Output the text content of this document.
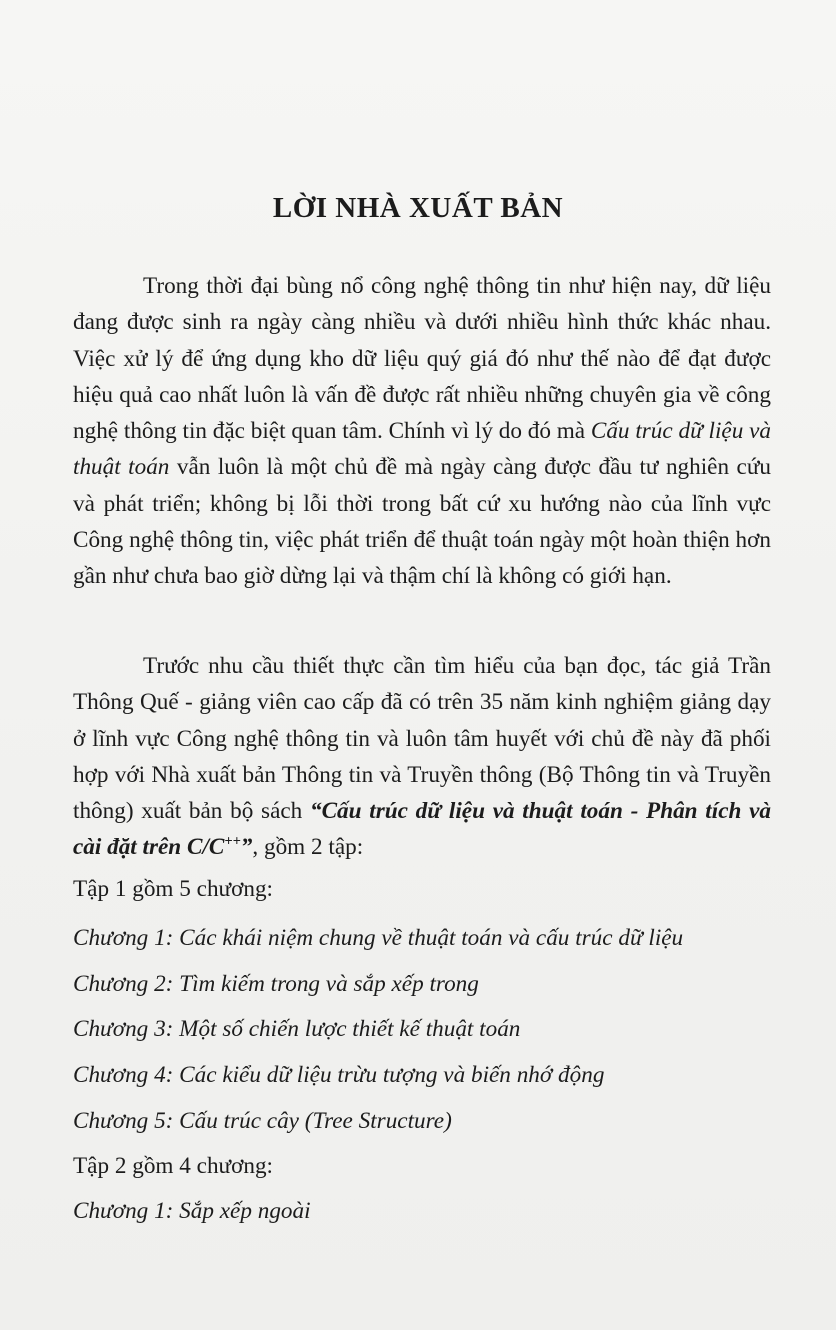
LỜI NHÀ XUẤT BẢN

Trong thời đại bùng nổ công nghệ thông tin như hiện nay, dữ liệu đang được sinh ra ngày càng nhiều và dưới nhiều hình thức khác nhau. Việc xử lý để ứng dụng kho dữ liệu quý giá đó như thế nào để đạt được hiệu quả cao nhất luôn là vấn đề được rất nhiều những chuyên gia về công nghệ thông tin đặc biệt quan tâm. Chính vì lý do đó mà Cấu trúc dữ liệu và thuật toán vẫn luôn là một chủ đề mà ngày càng được đầu tư nghiên cứu và phát triển; không bị lỗi thời trong bất cứ xu hướng nào của lĩnh vực Công nghệ thông tin, việc phát triển để thuật toán ngày một hoàn thiện hơn gần như chưa bao giờ dừng lại và thậm chí là không có giới hạn.

Trước nhu cầu thiết thực cần tìm hiểu của bạn đọc, tác giả Trần Thông Quế - giảng viên cao cấp đã có trên 35 năm kinh nghiệm giảng dạy ở lĩnh vực Công nghệ thông tin và luôn tâm huyết với chủ đề này đã phối hợp với Nhà xuất bản Thông tin và Truyền thông (Bộ Thông tin và Truyền thông) xuất bản bộ sách “Cấu trúc dữ liệu và thuật toán - Phân tích và cài đặt trên C/C++”, gồm 2 tập:

Tập 1 gồm 5 chương:

Chương 1: Các khái niệm chung về thuật toán và cấu trúc dữ liệu

Chương 2: Tìm kiếm trong và sắp xếp trong

Chương 3: Một số chiến lược thiết kế thuật toán

Chương 4: Các kiểu dữ liệu trừu tượng và biến nhớ động

Chương 5: Cấu trúc cây (Tree Structure)

Tập 2 gồm 4 chương:

Chương 1: Sắp xếp ngoài
